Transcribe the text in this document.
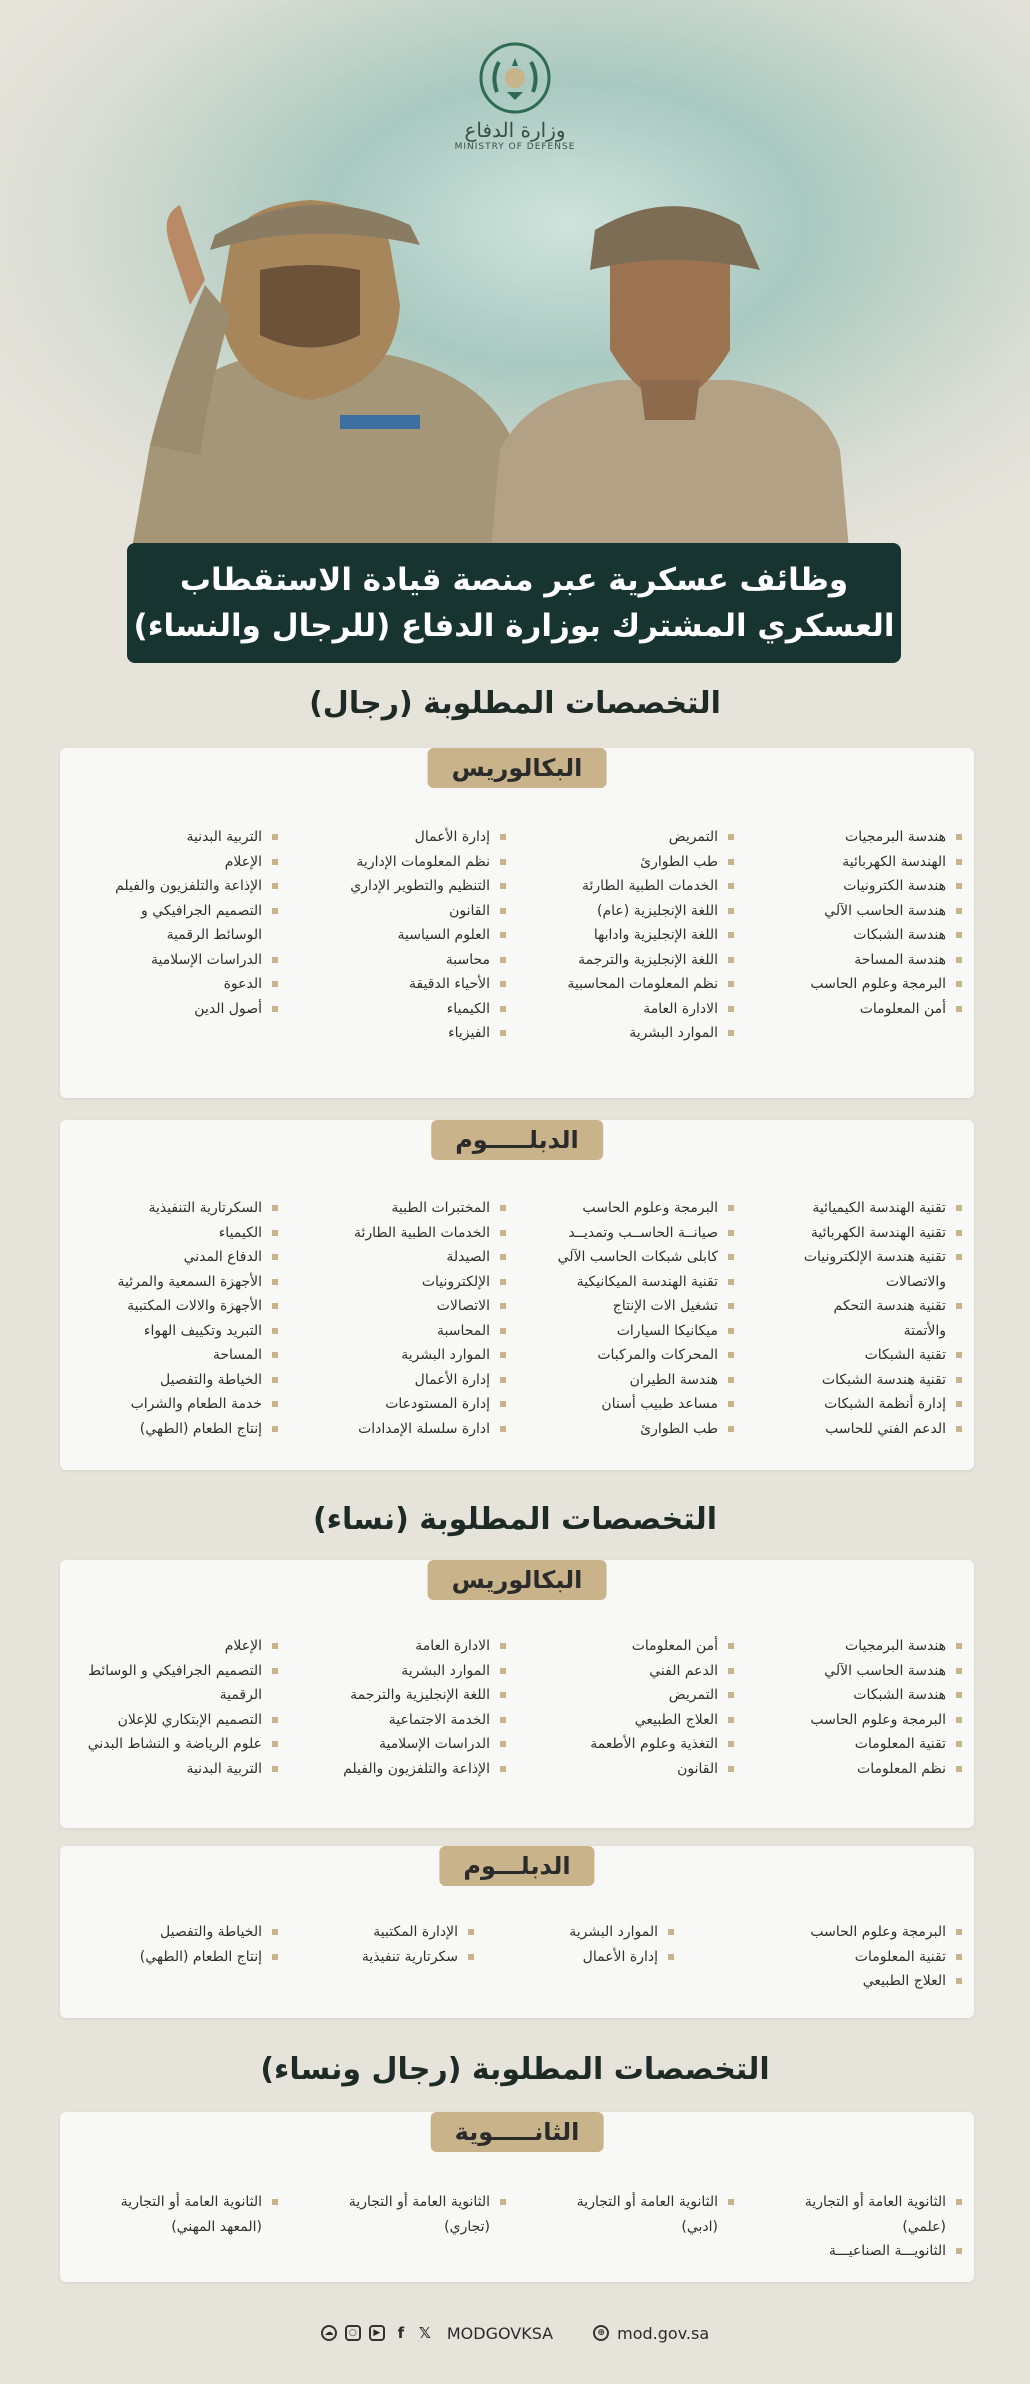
وزارة الدفاع
MINISTRY OF DEFENSE
وظائف عسكرية عبر منصة قيادة الاستقطاب
العسكري المشترك بوزارة الدفاع (للرجال والنساء)
التخصصات المطلوبة (رجال)
البكالوريس
هندسة البرمجيات
الهندسة الكهربائية
هندسة الكترونيات
هندسة الحاسب الآلي
هندسة الشبكات
هندسة المساحة
البرمجة وعلوم الحاسب
أمن المعلومات
التمريض
طب الطوارئ
الخدمات الطبية الطارئة
اللغة الإنجليزية (عام)
اللغة الإنجليزية وادابها
اللغة الإنجليزية والترجمة
نظم المعلومات المحاسبية
الادارة العامة
الموارد البشرية
إدارة الأعمال
نظم المعلومات الإدارية
التنظيم والتطوير الإداري
القانون
العلوم السياسية
محاسبة
الأحياء الدقيقة
الكيمياء
الفيزياء
التربية البدنية
الإعلام
الإذاعة والتلفزيون والفيلم
التصميم الجرافيكي و
الوسائط الرقمية
الدراسات الإسلامية
الدعوة
أصول الدين
الدبلـــــوم
تقنية الهندسة الكيميائية
تقنية الهندسة الكهربائية
تقنية هندسة الإلكترونيات
والاتصالات
تقنية هندسة التحكم
والأتمتة
تقنية الشبكات
تقنية هندسة الشبكات
إدارة أنظمة الشبكات
الدعم الفني للحاسب
البرمجة وعلوم الحاسب
صيانــة الحاســب وتمديــد
كابلى شبكات الحاسب الآلي
تقنية الهندسة الميكانيكية
تشغيل الات الإنتاج
ميكانيكا السيارات
المحركات والمركبات
هندسة الطيران
مساعد طبيب أسنان
طب الطوارئ
المختبرات الطبية
الخدمات الطبية الطارئة
الصيدلة
الإلكترونيات
الاتصالات
المحاسبة
الموارد البشرية
إدارة الأعمال
إدارة المستودعات
ادارة سلسلة الإمدادات
السكرتارية التنفيذية
الكيمياء
الدفاع المدني
الأجهزة السمعية والمرئية
الأجهزة والالات المكتبية
التبريد وتكييف الهواء
المساحة
الخياطة والتفصيل
خدمة الطعام والشراب
إنتاج الطعام (الطهي)
التخصصات المطلوبة (نساء)
البكالوريس
هندسة البرمجيات
هندسة الحاسب الآلي
هندسة الشبكات
البرمجة وعلوم الحاسب
تقنية المعلومات
نظم المعلومات
أمن المعلومات
الدعم الفني
التمريض
العلاج الطبيعي
التغذية وعلوم الأطعمة
القانون
الادارة العامة
الموارد البشرية
اللغة الإنجليزية والترجمة
الخدمة الاجتماعية
الدراسات الإسلامية
الإذاعة والتلفزيون والفيلم
الإعلام
التصميم الجرافيكي و الوسائط
الرقمية
التصميم الإبتكاري للإعلان
علوم الرياضة و النشاط البدني
التربية البدنية
الدبلـــوم
البرمجة وعلوم الحاسب
تقنية المعلومات
العلاج الطبيعي
الموارد البشرية
إدارة الأعمال
الإدارة المكتبية
سكرتارية تنفيذية
الخياطة والتفصيل
إنتاج الطعام (الطهي)
التخصصات المطلوبة (رجال ونساء)
الثانـــــوية
الثانوية العامة أو التجارية
(علمي)
الثانويـــة الصناعيـــة
الثانوية العامة أو التجارية
(ادبي)
الثانوية العامة أو التجارية
(تجاري)
الثانوية العامة أو التجارية
(المعهد المهني)
☁	○	▶	f 𝕏 MODGOVKSA	⊕ mod.gov.sa
